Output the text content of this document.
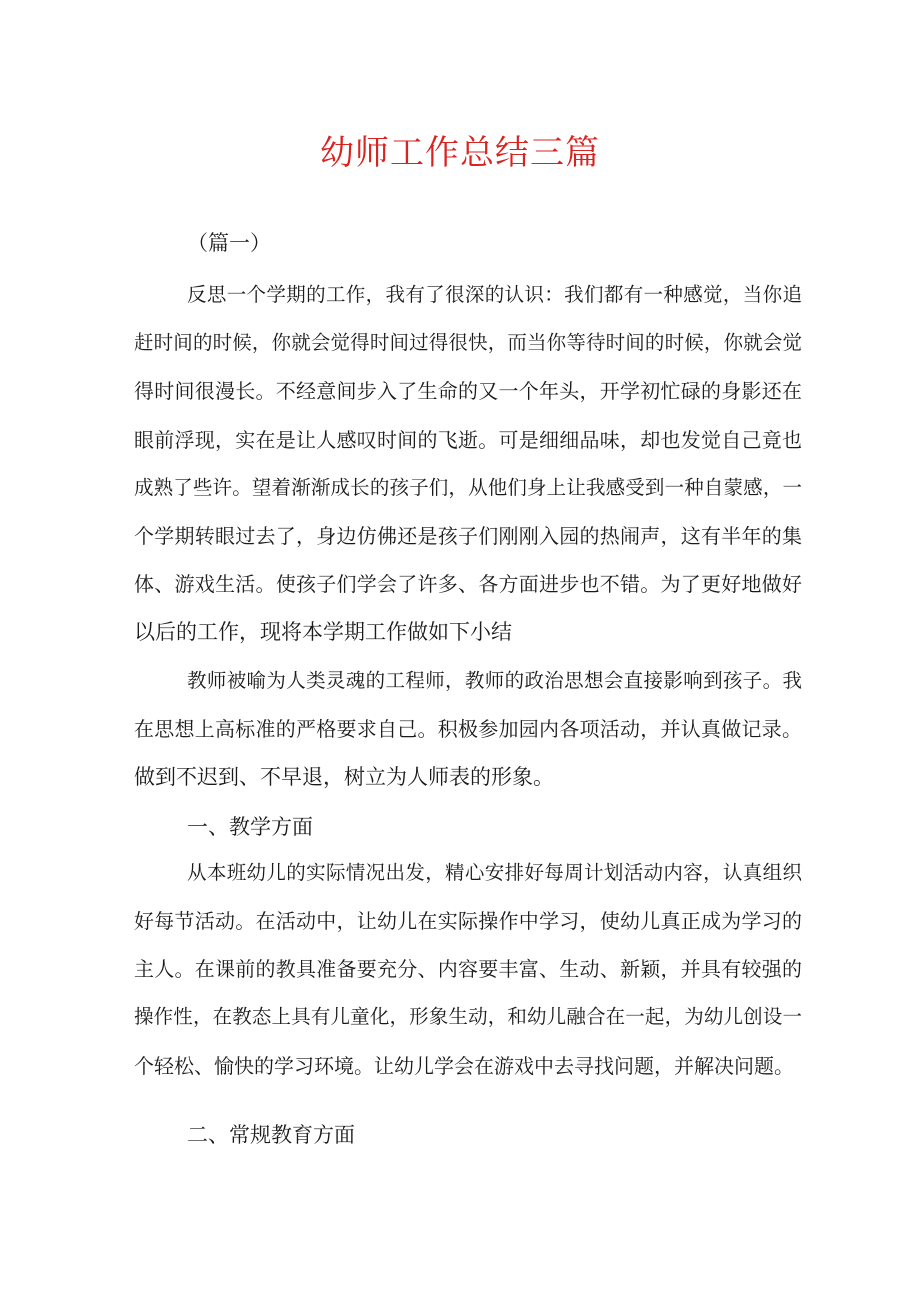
幼师工作总结三篇

（篇一）

反思一个学期的工作，我有了很深的认识：我们都有一种感觉，当你追

赶时间的时候，你就会觉得时间过得很快，而当你等待时间的时候，你就会觉

得时间很漫长。不经意间步入了生命的又一个年头，开学初忙碌的身影还在

眼前浮现，实在是让人感叹时间的飞逝。可是细细品味，却也发觉自己竟也

成熟了些许。望着渐渐成长的孩子们，从他们身上让我感受到一种自蒙感，一

个学期转眼过去了，身边仿佛还是孩子们刚刚入园的热闹声，这有半年的集

体、游戏生活。使孩子们学会了许多、各方面进步也不错。为了更好地做好

以后的工作，现将本学期工作做如下小结

教师被喻为人类灵魂的工程师，教师的政治思想会直接影响到孩子。我

在思想上高标准的严格要求自己。积极参加园内各项活动，并认真做记录。

做到不迟到、不早退，树立为人师表的形象。

一、教学方面

从本班幼儿的实际情况出发，精心安排好每周计划活动内容，认真组织

好每节活动。在活动中，让幼儿在实际操作中学习，使幼儿真正成为学习的

主人。在课前的教具准备要充分、内容要丰富、生动、新颖，并具有较强的

操作性，在教态上具有儿童化，形象生动，和幼儿融合在一起，为幼儿创设一

个轻松、愉快的学习环境。让幼儿学会在游戏中去寻找问题，并解决问题。

二、常规教育方面
